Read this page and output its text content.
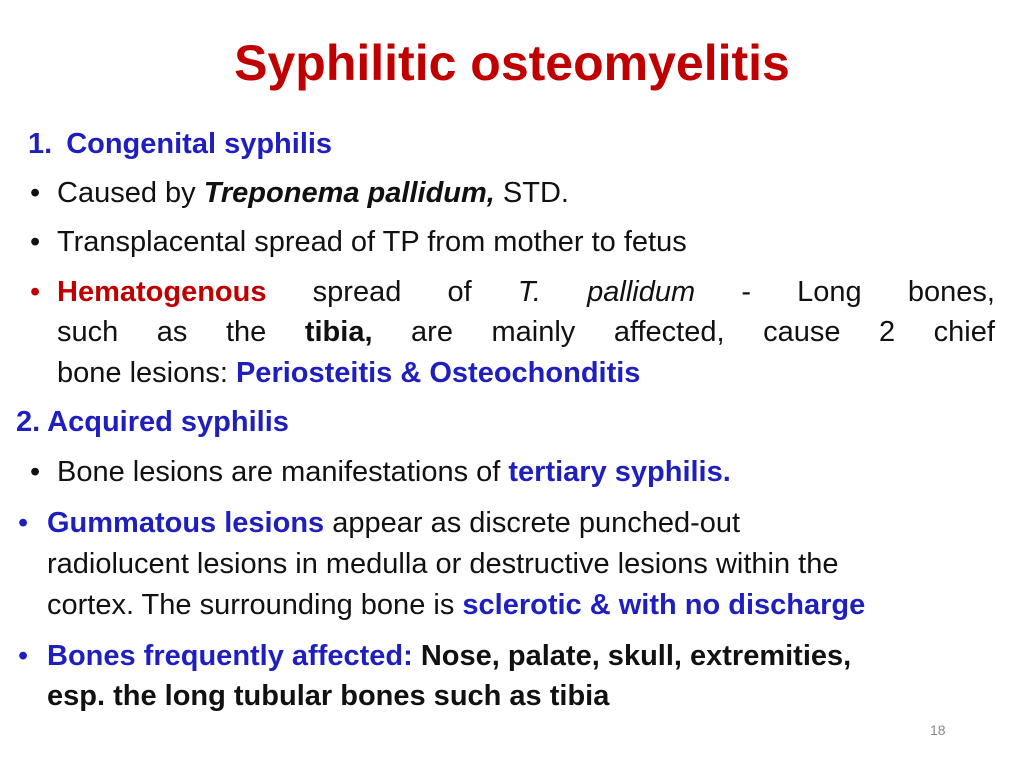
Syphilitic osteomyelitis
1. Congenital syphilis
• Caused by Treponema pallidum, STD.
• Transplacental spread of TP from mother to fetus
• Hematogenous spread of T. pallidum - Long bones,
such as the tibia, are mainly affected, cause 2 chief
bone lesions: Periosteitis & Osteochonditis
2. Acquired syphilis
• Bone lesions are manifestations of tertiary syphilis.
• Gummatous lesions appear as discrete punched-out
radiolucent lesions in medulla or destructive lesions within the
cortex. The surrounding bone is sclerotic & with no discharge
• Bones frequently affected: Nose, palate, skull, extremities,
esp. the long tubular bones such as tibia
18
